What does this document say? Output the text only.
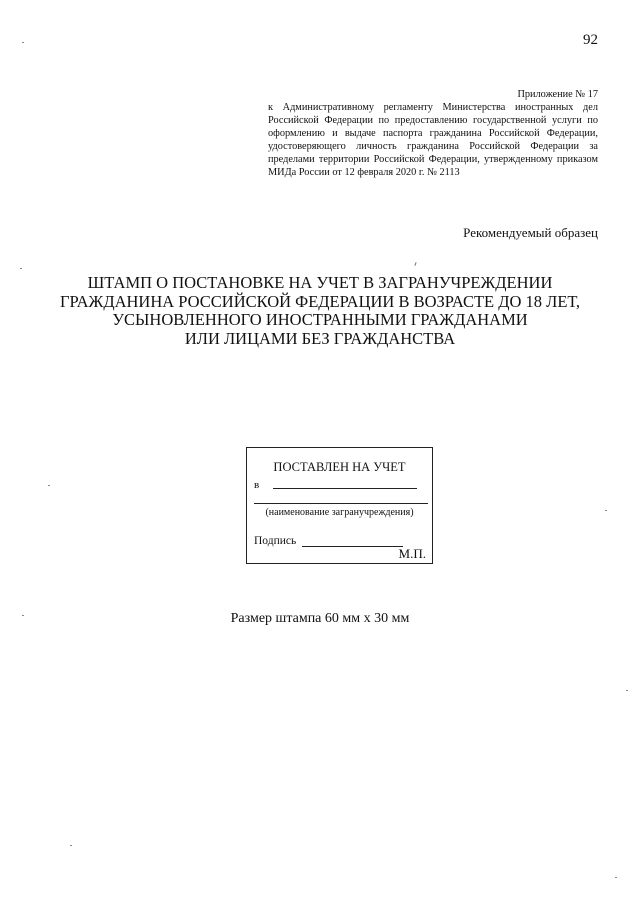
92
Приложение № 17
к Административному регламенту Министерства иностранных дел Российской Федерации по предоставлению государственной услуги по оформлению и выдаче паспорта гражданина Российской Федерации, удостоверяющего личность гражданина Российской Федерации за пределами территории Российской Федерации, утвержденному приказом МИДа России от 12 февраля 2020 г. № 2113
Рекомендуемый образец
ШТАМП О ПОСТАНОВКЕ НА УЧЕТ В ЗАГРАНУЧРЕЖДЕНИИ
ГРАЖДАНИНА РОССИЙСКОЙ ФЕДЕРАЦИИ В ВОЗРАСТЕ ДО 18 ЛЕТ,
УСЫНОВЛЕННОГО ИНОСТРАННЫМИ ГРАЖДАНАМИ
ИЛИ ЛИЦАМИ БЕЗ ГРАЖДАНСТВА
ПОСТАВЛЕН НА УЧЕТ
в
(наименование загранучреждения)
Подпись
М.П.
Размер штампа 60 мм х 30 мм
